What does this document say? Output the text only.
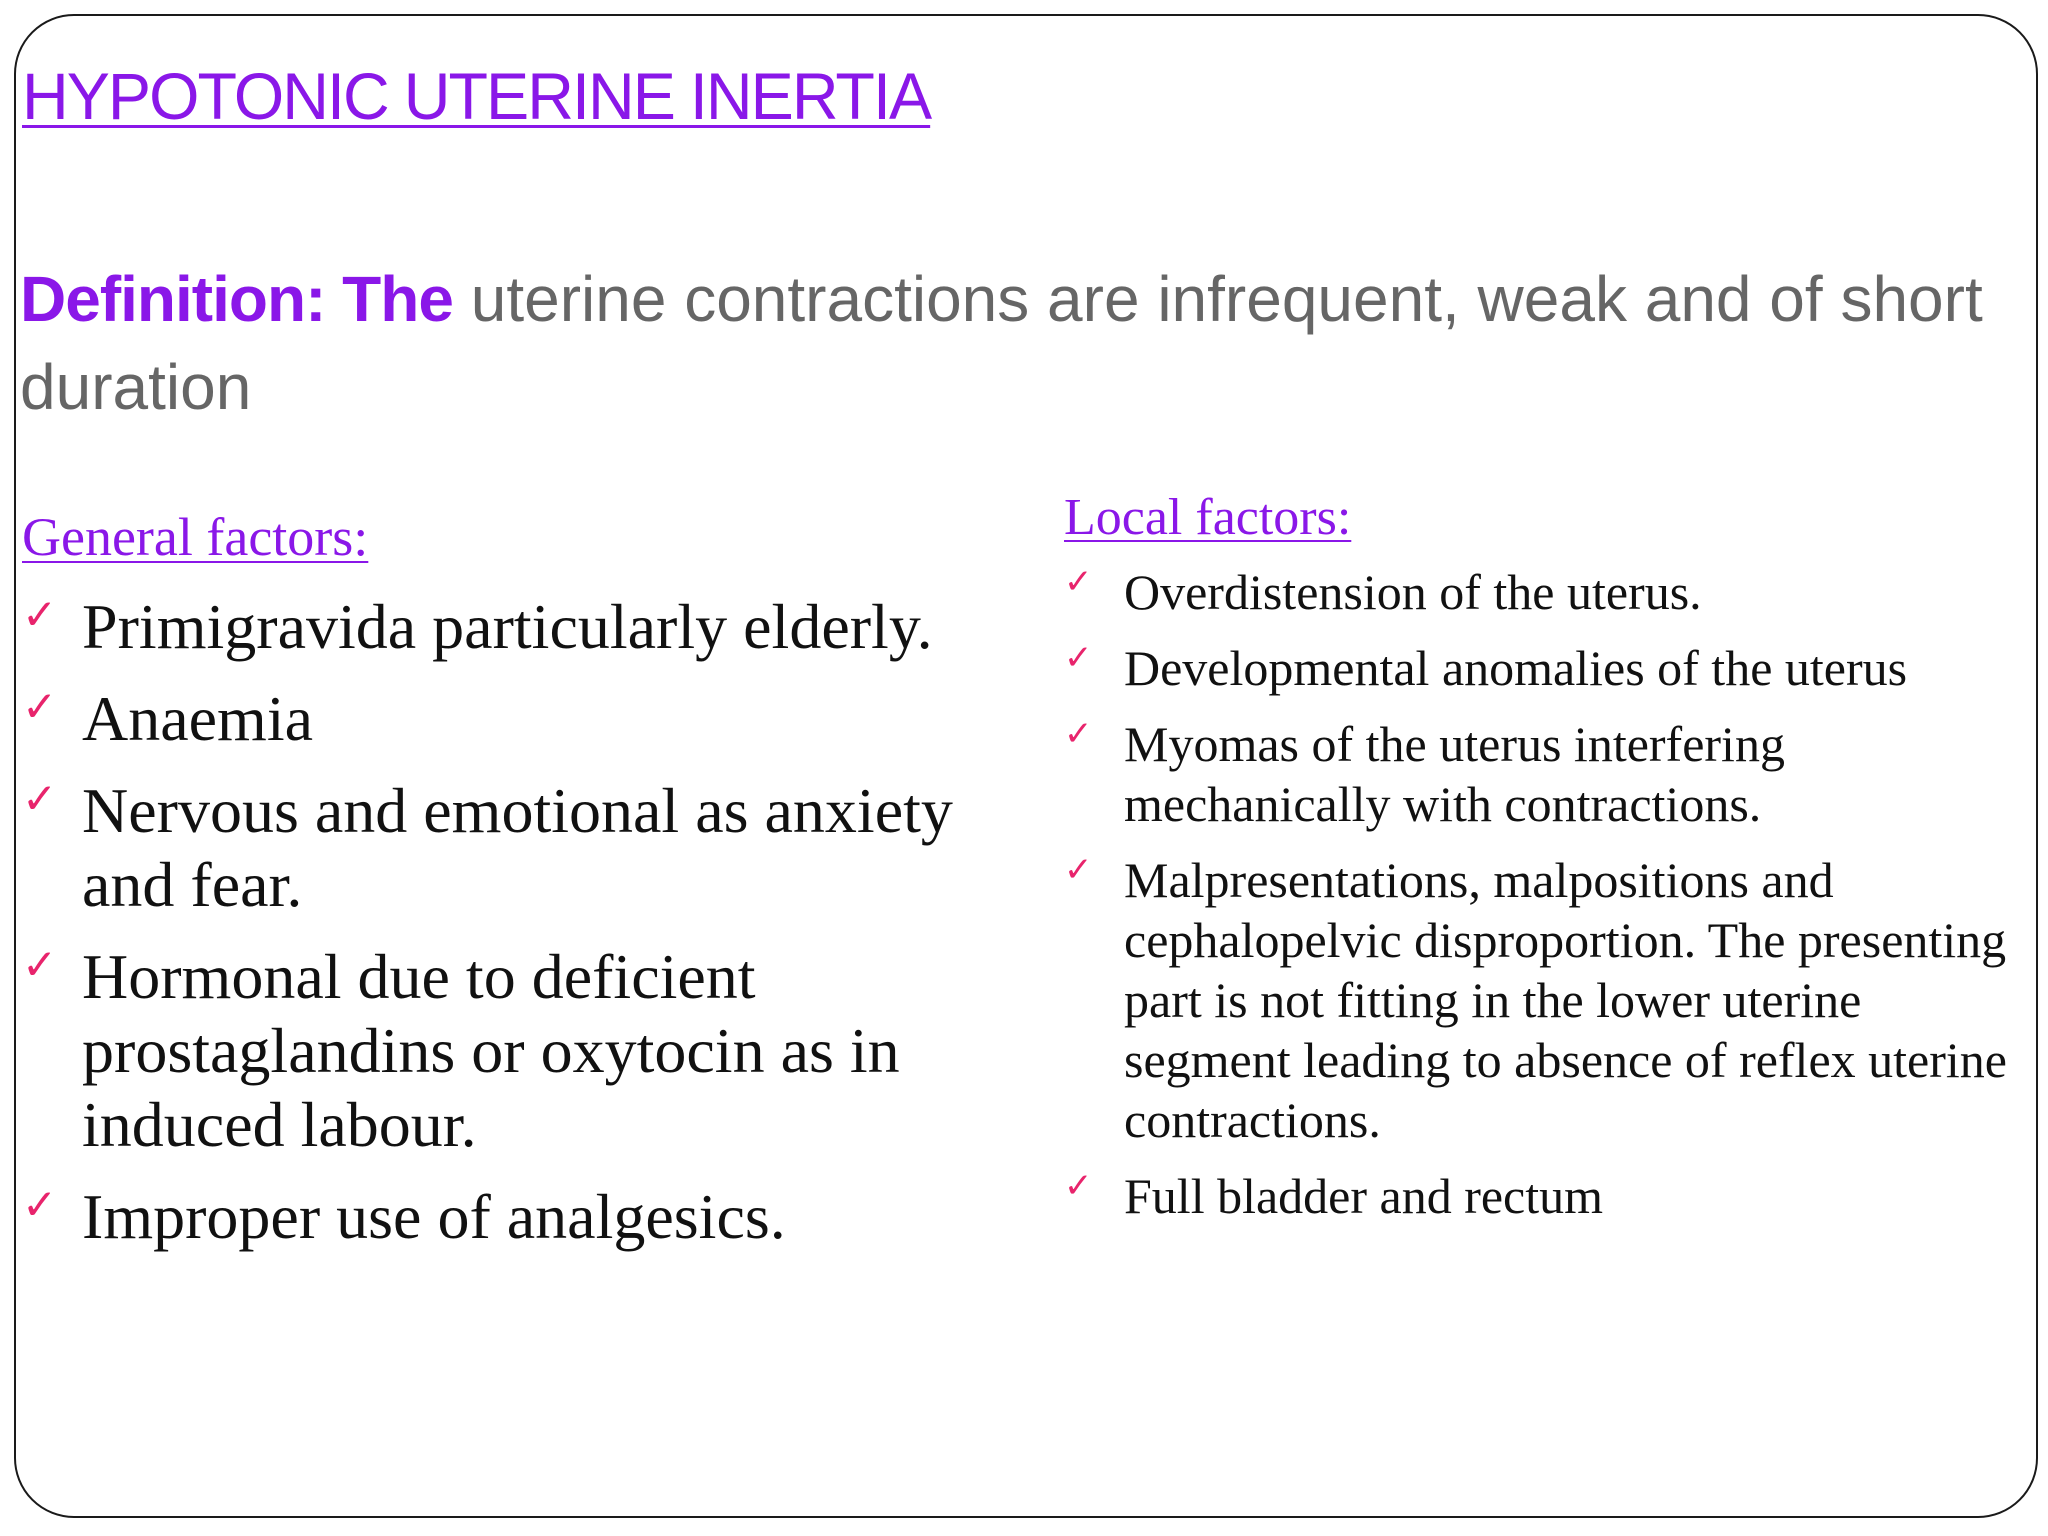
HYPOTONIC UTERINE INERTIA

Definition: The uterine contractions are infrequent, weak and of short duration

General factors:
✓ Primigravida particularly elderly.
✓ Anaemia
✓ Nervous and emotional as anxiety and fear.
✓ Hormonal due to deficient prostaglandins or oxytocin as in induced labour.
✓ Improper use of analgesics.
Local factors:
✓ Overdistension of the uterus.
✓ Developmental anomalies of the uterus
✓ Myomas of the uterus interfering mechanically with contractions.
✓ Malpresentations, malpositions and cephalopelvic disproportion. The presenting part is not fitting in the lower uterine segment leading to absence of reflex uterine contractions.
✓ Full bladder and rectum
